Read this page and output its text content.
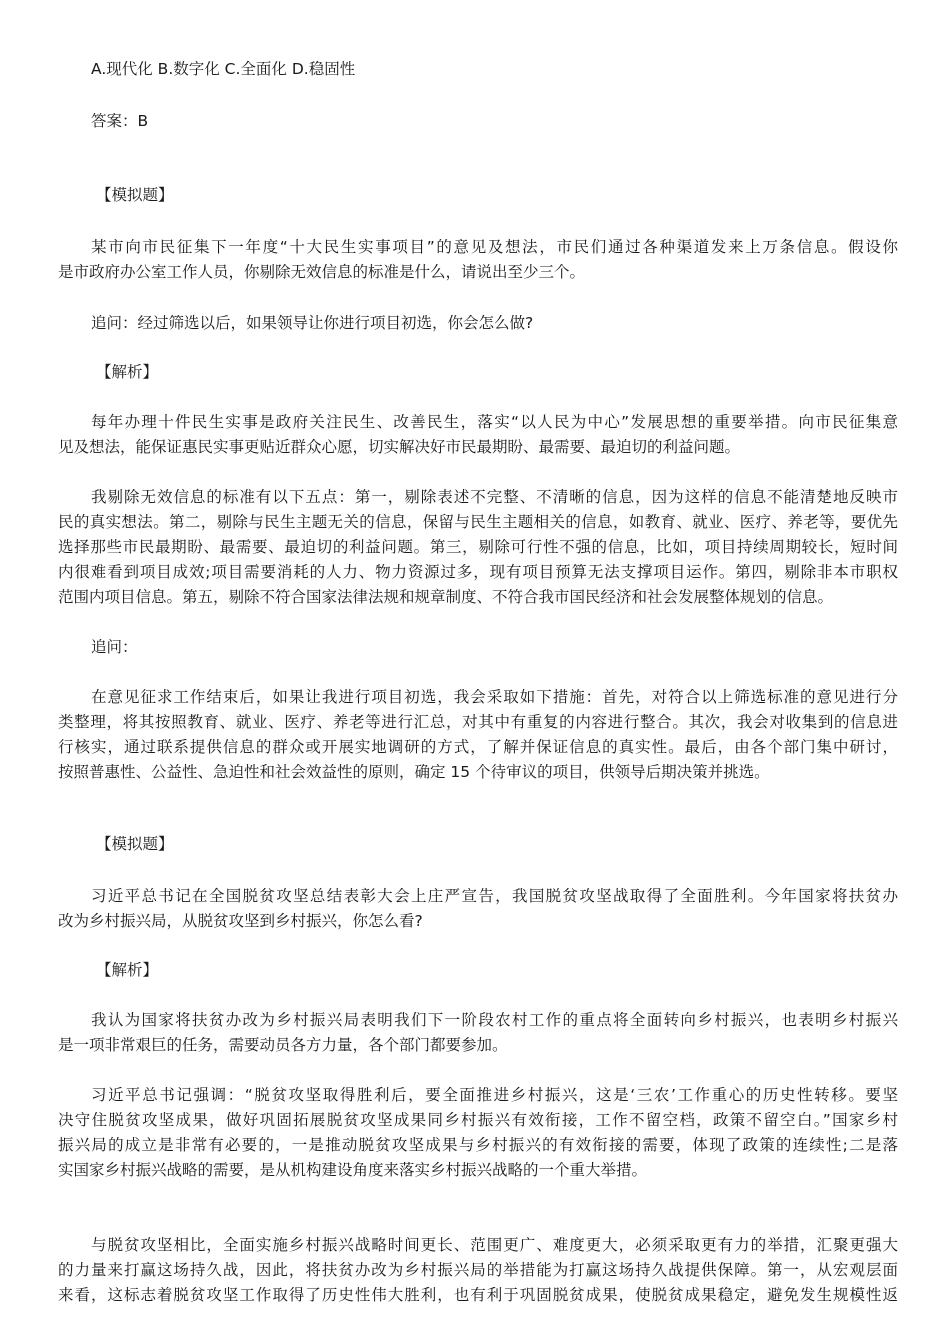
A.现代化 B.数字化 C.全面化 D.稳固性

答案：B

【模拟题】

某市向市民征集下一年度“十大民生实事项目”的意见及想法，市民们通过各种渠道发来上万条信息。假设你

是市政府办公室工作人员，你剔除无效信息的标准是什么，请说出至少三个。

追问：经过筛选以后，如果领导让你进行项目初选，你会怎么做?

【解析】

每年办理十件民生实事是政府关注民生、改善民生，落实“以人民为中心”发展思想的重要举措。向市民征集意

见及想法，能保证惠民实事更贴近群众心愿，切实解决好市民最期盼、最需要、最迫切的利益问题。

我剔除无效信息的标准有以下五点：第一，剔除表述不完整、不清晰的信息，因为这样的信息不能清楚地反映市

民的真实想法。第二，剔除与民生主题无关的信息，保留与民生主题相关的信息，如教育、就业、医疗、养老等，要优先

选择那些市民最期盼、最需要、最迫切的利益问题。第三，剔除可行性不强的信息，比如，项目持续周期较长，短时间

内很难看到项目成效;项目需要消耗的人力、物力资源过多，现有项目预算无法支撑项目运作。第四，剔除非本市职权

范围内项目信息。第五，剔除不符合国家法律法规和规章制度、不符合我市国民经济和社会发展整体规划的信息。

追问：

在意见征求工作结束后，如果让我进行项目初选，我会采取如下措施：首先，对符合以上筛选标准的意见进行分

类整理，将其按照教育、就业、医疗、养老等进行汇总，对其中有重复的内容进行整合。其次，我会对收集到的信息进

行核实，通过联系提供信息的群众或开展实地调研的方式，了解并保证信息的真实性。最后，由各个部门集中研讨，

按照普惠性、公益性、急迫性和社会效益性的原则，确定 15 个待审议的项目，供领导后期决策并挑选。

【模拟题】

习近平总书记在全国脱贫攻坚总结表彰大会上庄严宣告，我国脱贫攻坚战取得了全面胜利。今年国家将扶贫办

改为乡村振兴局，从脱贫攻坚到乡村振兴，你怎么看?

【解析】

我认为国家将扶贫办改为乡村振兴局表明我们下一阶段农村工作的重点将全面转向乡村振兴，也表明乡村振兴

是一项非常艰巨的任务，需要动员各方力量，各个部门都要参加。

习近平总书记强调：“脱贫攻坚取得胜利后，要全面推进乡村振兴，这是‘三农’工作重心的历史性转移。要坚

决守住脱贫攻坚成果，做好巩固拓展脱贫攻坚成果同乡村振兴有效衔接，工作不留空档，政策不留空白。”国家乡村

振兴局的成立是非常有必要的，一是推动脱贫攻坚成果与乡村振兴的有效衔接的需要，体现了政策的连续性;二是落

实国家乡村振兴战略的需要，是从机构建设角度来落实乡村振兴战略的一个重大举措。

与脱贫攻坚相比，全面实施乡村振兴战略时间更长、范围更广、难度更大，必须采取更有力的举措，汇聚更强大

的力量来打赢这场持久战，因此，将扶贫办改为乡村振兴局的举措能为打赢这场持久战提供保障。第一，从宏观层面

来看，这标志着脱贫攻坚工作取得了历史性伟大胜利，也有利于巩固脱贫成果，使脱贫成果稳定，避免发生规模性返
